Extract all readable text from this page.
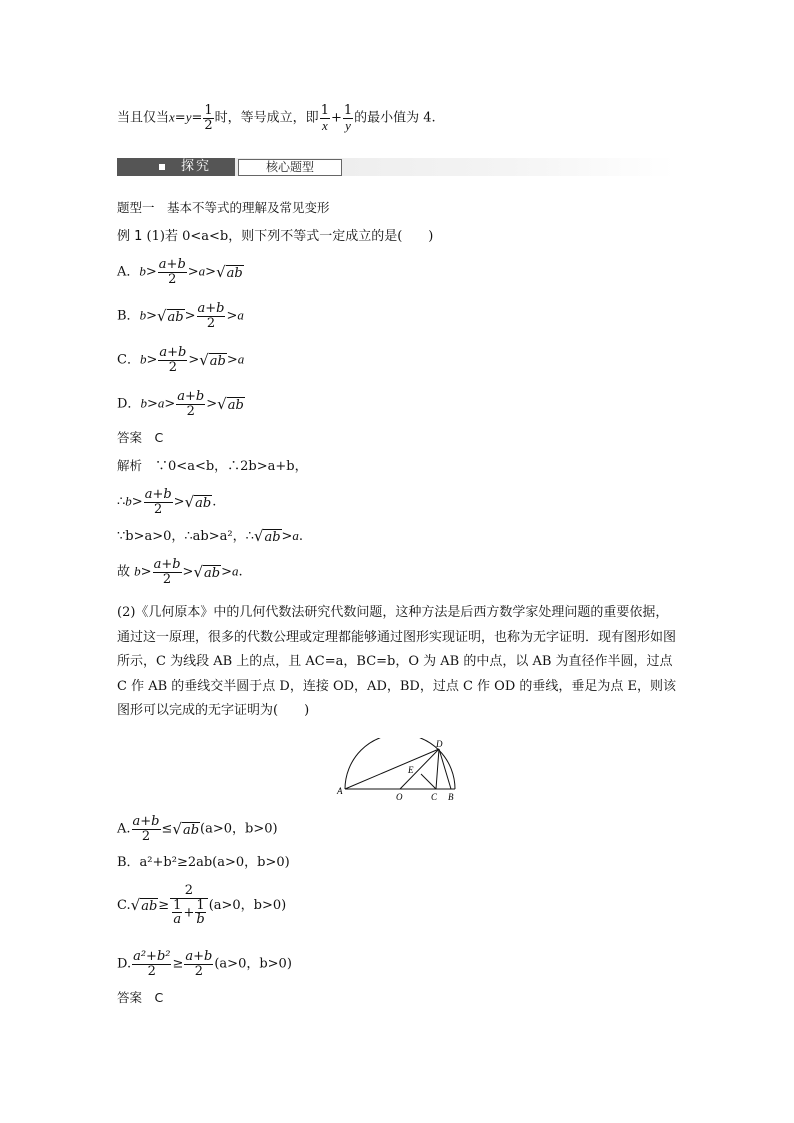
当且仅当$x=y= \frac{1}{2}$ 时，等号成立，即 $\frac{1}{x} + \frac{1}{y}$ 的最小值为 4.
探究	核心题型
题型一　基本不等式的理解及常见变形
例 1 (1)若 0<a<b，则下列不等式一定成立的是(　　)
A．$b> \frac{a+b}{2} >a>√ab$
B．$b>√ab> \frac{a+b}{2} >a$
C．$b> \frac{a+b}{2} >√ab>a$
D．$b>a> \frac{a+b}{2} >√ab$
答案　C
解析　 ∵0<a<b，∴2b>a+b，
∴b> $\frac{a+b}{2} >√ab$.
∵b>a>0，∴ab>a²，∴√ab>a.
故 $b> \frac{a+b}{2} >√ab>a$.
(2)《几何原本》中的几何代数法研究代数问题，这种方法是后西方数学家处理问题的重要依据，通过这一原理，很多的代数公理或定理都能够通过图形实现证明，也称为无字证明．现有图形如图所示，C 为线段 AB 上的点，且 AC=a，BC=b，O 为 AB 的中点，以 AB 为直径作半圆，过点 C 作 AB 的垂线交半圆于点 D，连接 OD，AD，BD，过点 C 作 OD 的垂线，垂足为点 E，则该图形可以完成的无字证明为(　　)
A
O	C B
D
E
A. $\frac{a+b}{2} \le√ab(a>0$，b>0)
B．a²+b²≥2ab(a>0，b>0)
$C.√ab\ge \frac{2}{\frac{1}{a} + \frac{1}{b}} (a>0$，b>0)
D. $\frac{\text{a²+b²}}{2} \ge \frac{a+b}{2} (a>0$，b>0)
答案　C
